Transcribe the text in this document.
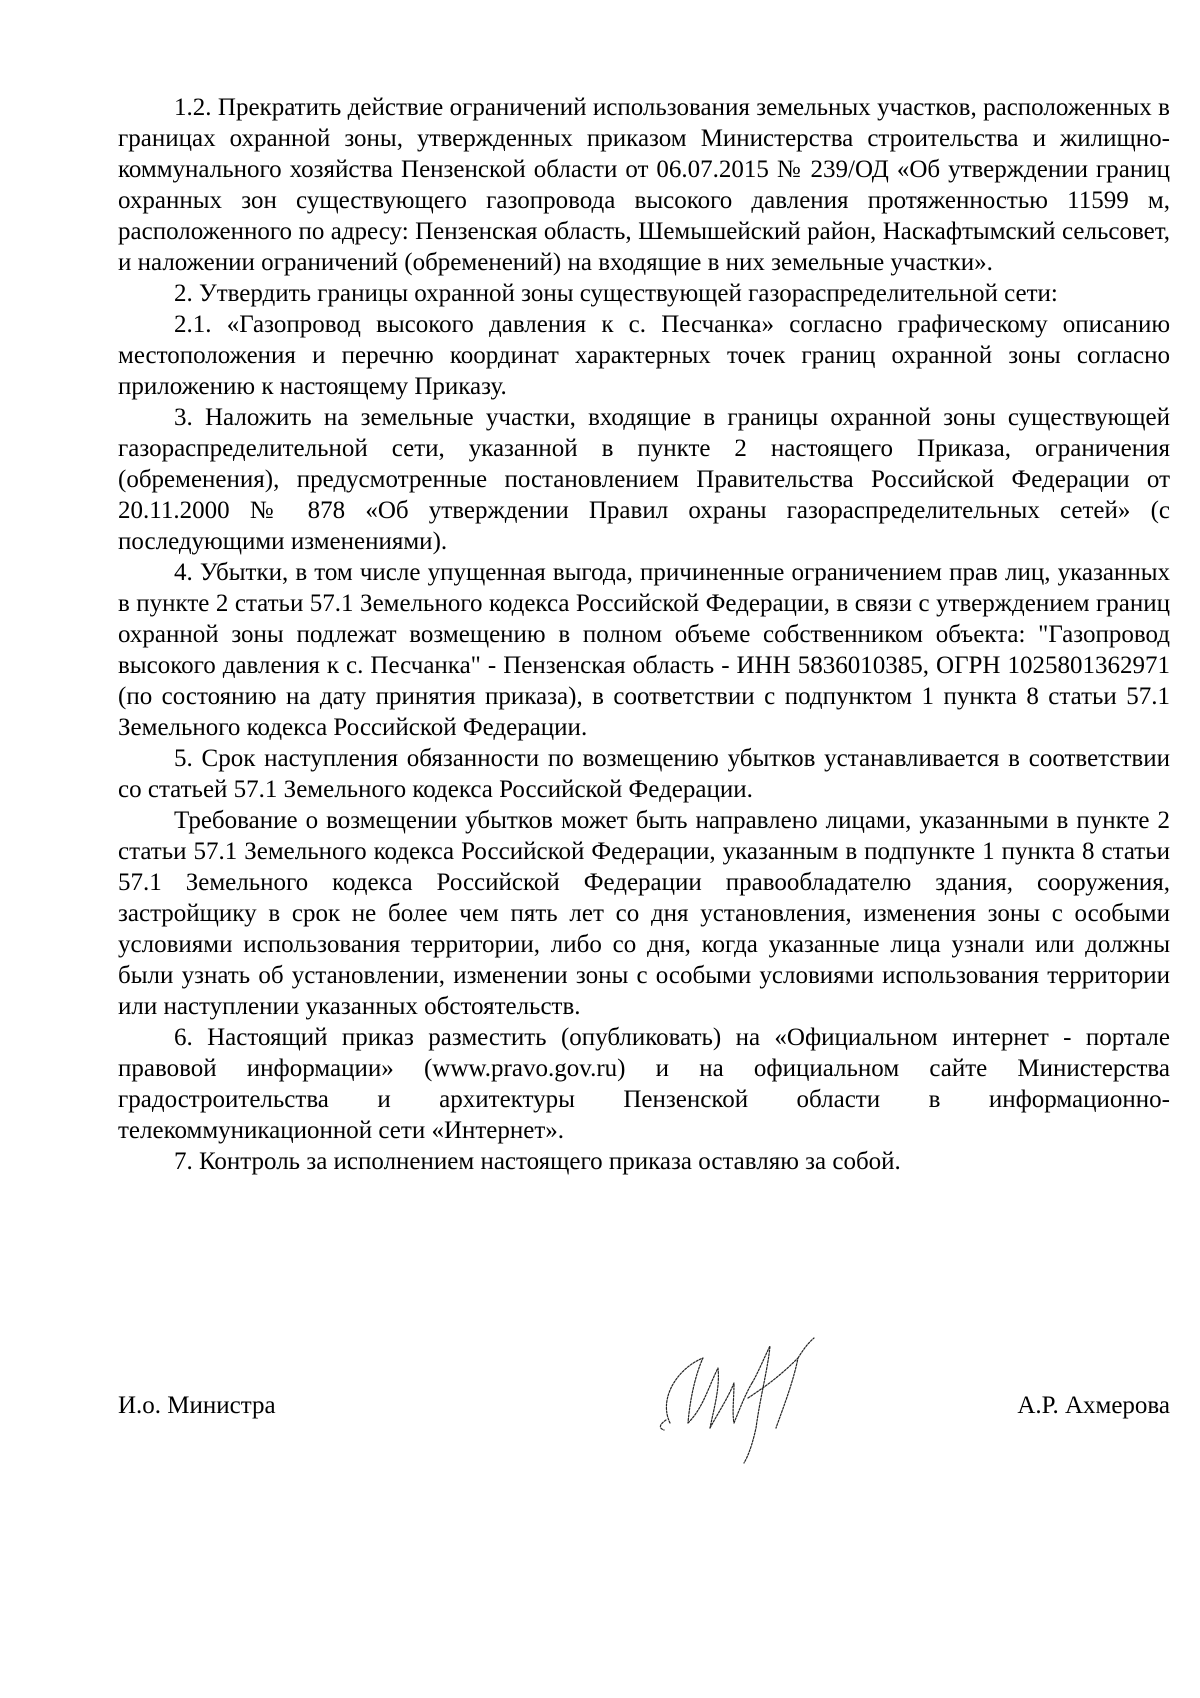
1.2. Прекратить действие ограничений использования земельных участков, расположенных в границах охранной зоны, утвержденных приказом Министерства строительства и жилищно-коммунального хозяйства Пензенской области от 06.07.2015 № 239/ОД «Об утверждении границ охранных зон существующего газопровода высокого давления протяженностью 11599 м, расположенного по адресу: Пензенская область, Шемышейский район, Наскафтымский сельсовет, и наложении ограничений (обременений) на входящие в них земельные участки».

2. Утвердить границы охранной зоны существующей газораспределительной сети:

2.1. «Газопровод высокого давления к с. Песчанка» согласно графическому описанию местоположения и перечню координат характерных точек границ охранной зоны согласно приложению к настоящему Приказу.

3. Наложить на земельные участки, входящие в границы охранной зоны существующей газораспределительной сети, указанной в пункте 2 настоящего Приказа, ограничения (обременения), предусмотренные постановлением Правительства Российской Федерации от 20.11.2000 № 878 «Об утверждении Правил охраны газораспределительных сетей» (с последующими изменениями).

4. Убытки, в том числе упущенная выгода, причиненные ограничением прав лиц, указанных в пункте 2 статьи 57.1 Земельного кодекса Российской Федерации, в связи с утверждением границ охранной зоны подлежат возмещению в полном объеме собственником объекта: "Газопровод высокого давления к с. Песчанка" - Пензенская область - ИНН 5836010385, ОГРН 1025801362971 (по состоянию на дату принятия приказа), в соответствии с подпунктом 1 пункта 8 статьи 57.1 Земельного кодекса Российской Федерации.

5. Срок наступления обязанности по возмещению убытков устанавливается в соответствии со статьей 57.1 Земельного кодекса Российской Федерации.

Требование о возмещении убытков может быть направлено лицами, указанными в пункте 2 статьи 57.1 Земельного кодекса Российской Федерации, указанным в подпункте 1 пункта 8 статьи 57.1 Земельного кодекса Российской Федерации правообладателю здания, сооружения, застройщику в срок не более чем пять лет со дня установления, изменения зоны с особыми условиями использования территории, либо со дня, когда указанные лица узнали или должны были узнать об установлении, изменении зоны с особыми условиями использования территории или наступлении указанных обстоятельств.

6. Настоящий приказ разместить (опубликовать) на «Официальном интернет - портале правовой информации» (www.pravo.gov.ru) и на официальном сайте Министерства градостроительства и архитектуры Пензенской области в информационно-телекоммуникационной сети «Интернет».

7. Контроль за исполнением настоящего приказа оставляю за собой.

И.о. Министра	А.Р. Ахмерова
